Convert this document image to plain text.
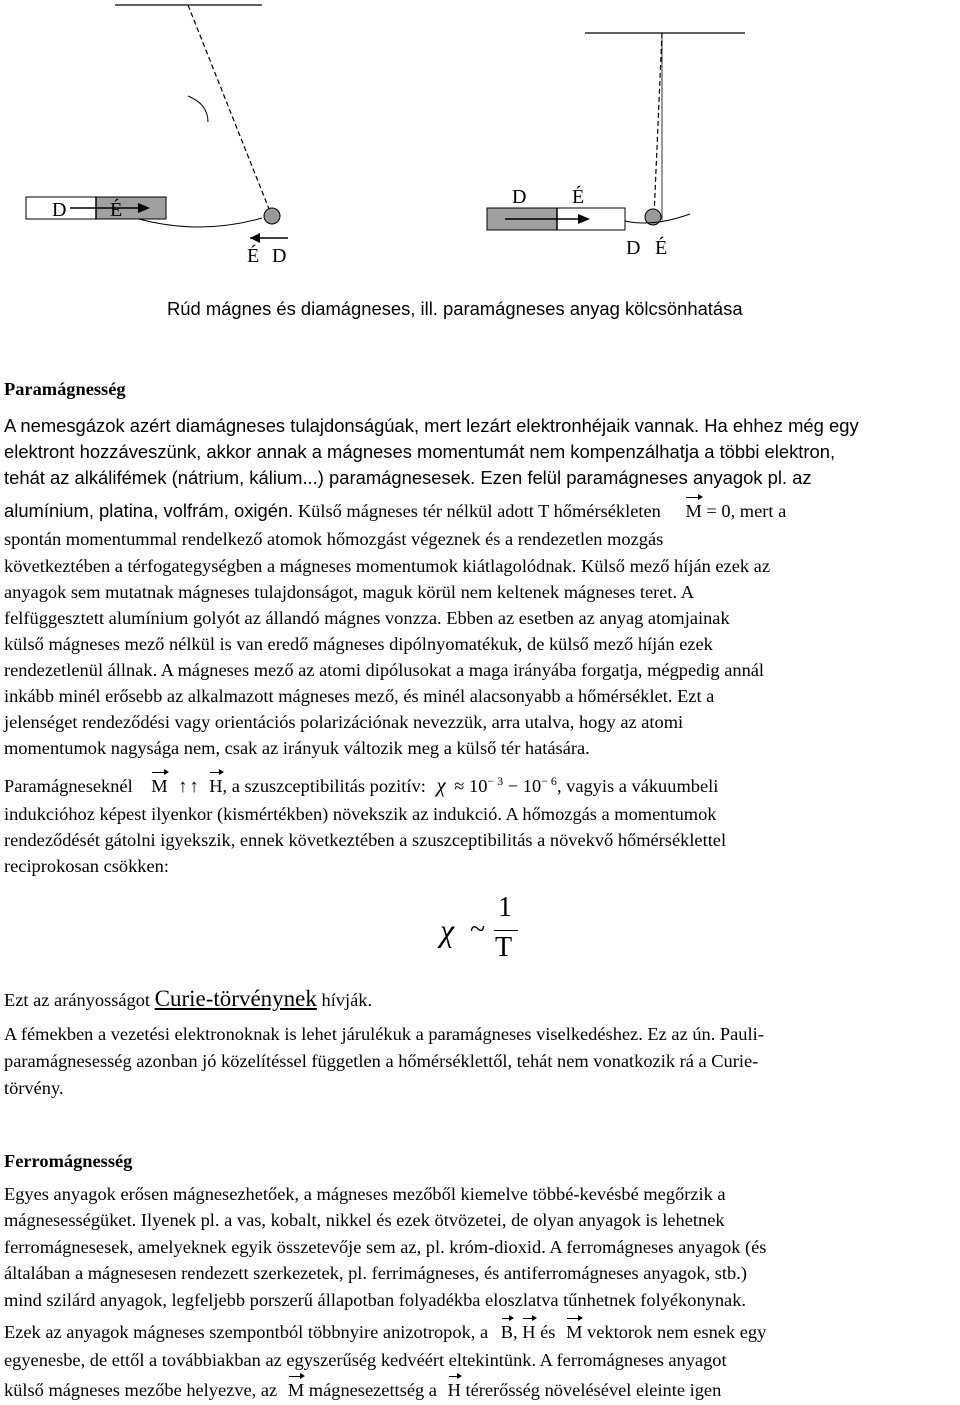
D É
É D
D É
D É
Rúd mágnes és diamágneses, ill. paramágneses anyag kölcsönhatása
Paramágnesség
A nemesgázok azért diamágneses tulajdonságúak, mert lezárt elektronhéjaik vannak. Ha ehhez még egy
elektront hozzáveszünk, akkor annak a mágneses momentumát nem kompenzálhatja a többi elektron,
tehát az alkálifémek (nátrium, kálium...) paramágnesesek. Ezen felül paramágneses anyagok pl. az
alumínium, platina, volfrám, oxigén. Külső mágneses tér nélkül adott T hőmérsékleten M = 0, mert a
spontán momentummal rendelkező atomok hőmozgást végeznek és a rendezetlen mozgás
következtében a térfogategységben a mágneses momentumok kiátlagolódnak. Külső mező híján ezek az
anyagok sem mutatnak mágneses tulajdonságot, maguk körül nem keltenek mágneses teret. A
felfüggesztett alumínium golyót az állandó mágnes vonzza. Ebben az esetben az anyag atomjainak
külső mágneses mező nélkül is van eredő mágneses dipólnyomatékuk, de külső mező híján ezek
rendezetlenül állnak. A mágneses mező az atomi dipólusokat a maga irányába forgatja, mégpedig annál
inkább minél erősebb az alkalmazott mágneses mező, és minél alacsonyabb a hőmérséklet. Ezt a
jelenséget rendeződési vagy orientációs polarizációnak nevezzük, arra utalva, hogy az atomi
momentumok nagysága nem, csak az irányuk változik meg a külső tér hatására.
Paramágneseknél M ↑↑ H, a szuszceptibilitás pozitív: $\chi \approx 10^{- 3} - 10^{- 6}$, vagyis a vákuumbeli
indukcióhoz képest ilyenkor (kismértékben) növekszik az indukció. A hőmozgás a momentumok
rendeződését gátolni igyekszik, ennek következtében a szuszceptibilitás a növekvő hőmérséklettel
reciprokosan csökken:
χ ~
1
T
Ezt az arányosságot Curie-törvénynek hívják.
A fémekben a vezetési elektronoknak is lehet járulékuk a paramágneses viselkedéshez. Ez az ún. Pauli-
paramágnesesség azonban jó közelítéssel független a hőmérséklettől, tehát nem vonatkozik rá a Curie-
törvény.
Ferromágnesség
Egyes anyagok erősen mágnesezhetőek, a mágneses mezőből kiemelve többé-kevésbé megőrzik a
mágnesességüket. Ilyenek pl. a vas, kobalt, nikkel és ezek ötvözetei, de olyan anyagok is lehetnek
ferromágnesesek, amelyeknek egyik összetevője sem az, pl. króm-dioxid. A ferromágneses anyagok (és
általában a mágnesesen rendezett szerkezetek, pl. ferrimágneses, és antiferromágneses anyagok, stb.)
mind szilárd anyagok, legfeljebb porszerű állapotban folyadékba eloszlatva tűnhetnek folyékonynak.
Ezek az anyagok mágneses szempontból többnyire anizotropok, a B, H és M vektorok nem esnek egy
egyenesbe, de ettől a továbbiakban az egyszerűség kedvéért eltekintünk. A ferromágneses anyagot
külső mágneses mezőbe helyezve, az M mágnesezettség a H térerősség növelésével eleinte igen
